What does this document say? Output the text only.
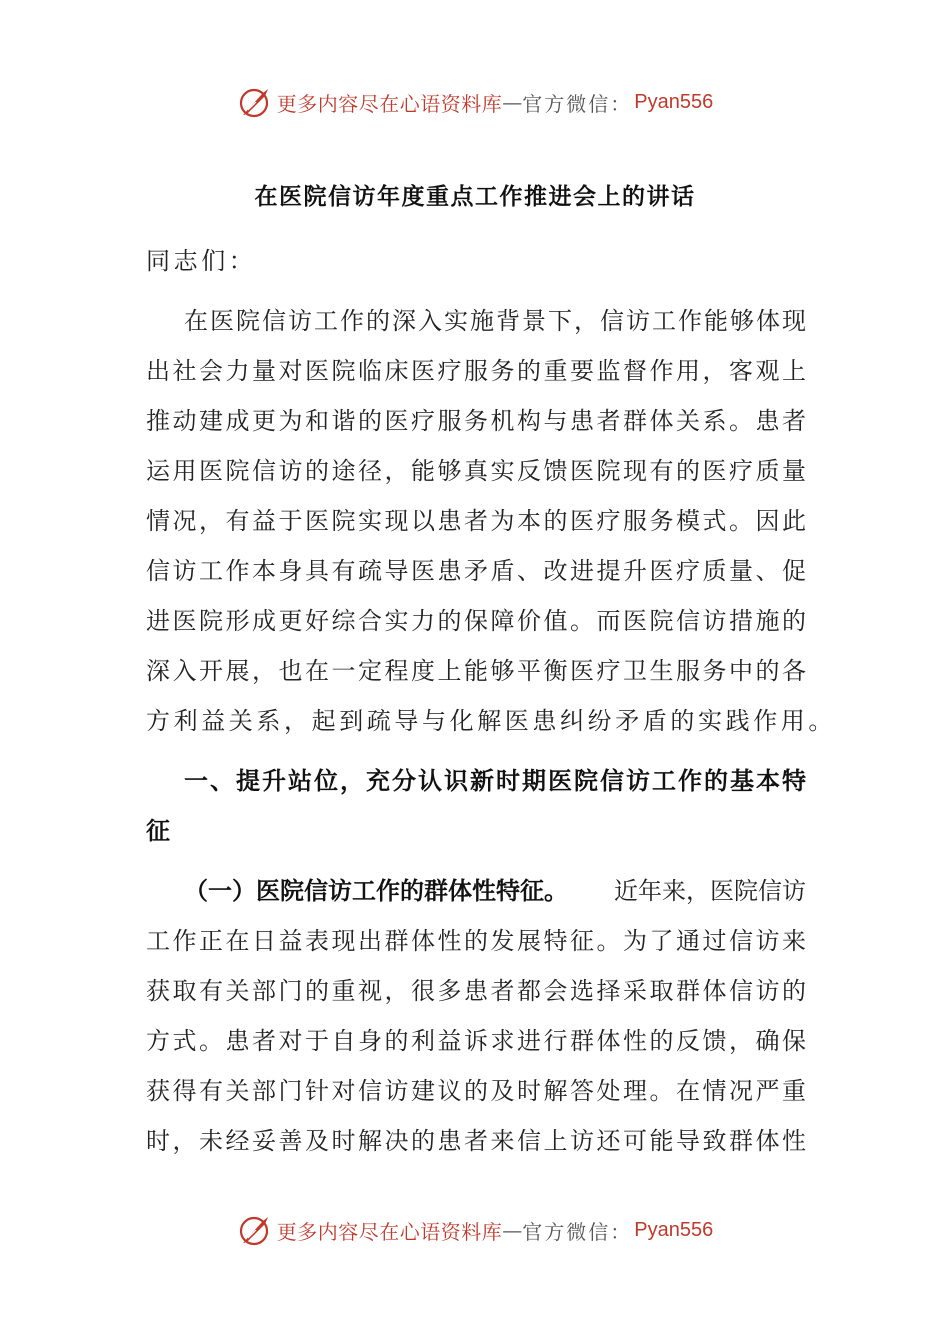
更多内容尽在心语资料库 — 官方微信： Pyan556
在医院信访年度重点工作推进会上的讲话
同志们：
在 医 院 信 访 工 作 的 深 入 实 施 背 景 下 ， 信 访 工 作 能 够 体 现
出 社 会 力 量 对 医 院 临 床 医 疗 服 务 的 重 要 监 督 作 用 ， 客 观 上
推 动 建 成 更 为 和 谐 的 医 疗 服 务 机 构 与 患 者 群 体 关 系 。 患 者
运 用 医 院 信 访 的 途 径 ， 能 够 真 实 反 馈 医 院 现 有 的 医 疗 质 量
情 况 ， 有 益 于 医 院 实 现 以 患 者 为 本 的 医 疗 服 务 模 式 。 因 此
信 访 工 作 本 身 具 有 疏 导 医 患 矛 盾 、 改 进 提 升 医 疗 质 量 、 促
进 医 院 形 成 更 好 综 合 实 力 的 保 障 价 值 。 而 医 院 信 访 措 施 的
深 入 开 展 ， 也 在 一 定 程 度 上 能 够 平 衡 医 疗 卫 生 服 务 中 的 各
方利益关系，起到疏导与化解医患纠纷矛盾的实践作用。
一 、 提 升 站 位 ， 充 分 认 识 新 时 期 医 院 信 访 工 作 的 基 本 特
征
（一）医院信访工作的群体性特征。 近年来，医院信访
工 作 正 在 日 益 表 现 出 群 体 性 的 发 展 特 征 。 为 了 通 过 信 访 来
获 取 有 关 部 门 的 重 视 ， 很 多 患 者 都 会 选 择 采 取 群 体 信 访 的
方 式 。 患 者 对 于 自 身 的 利 益 诉 求 进 行 群 体 性 的 反 馈 ， 确 保
获 得 有 关 部 门 针 对 信 访 建 议 的 及 时 解 答 处 理 。 在 情 况 严 重
时 ， 未 经 妥 善 及 时 解 决 的 患 者 来 信 上 访 还 可 能 导 致 群 体 性
更多内容尽在心语资料库 — 官方微信： Pyan556
